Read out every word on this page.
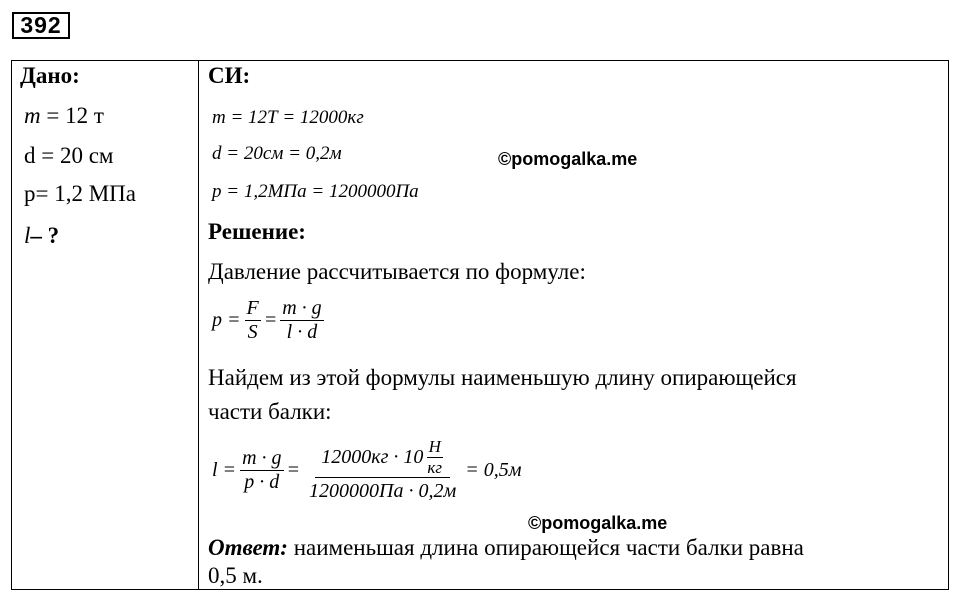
392
Дано:
m = 12 т
d = 20 см
p= 1,2 МПа
l– ?
СИ:
m = 12Т = 12000кг
d = 20см = 0,2м
p = 1,2МПа = 1200000Па
©pomogalka.me
Решение:
Давление рассчитывается по формуле:
$p = \frac{F}{S} = \frac{m \cdot g}{l \cdot d}$
Найдем из этой формулы наименьшую длину опирающейся
части балки:
$l = \frac{m \cdot g}{p \cdot d} = \frac{12000кг \cdot 10 \frac{Н}{кг}}{1200000Па \cdot 0,2м} = 0,5м$
©pomogalka.me
Ответ: наименьшая длина опирающейся части балки равна
0,5 м.
